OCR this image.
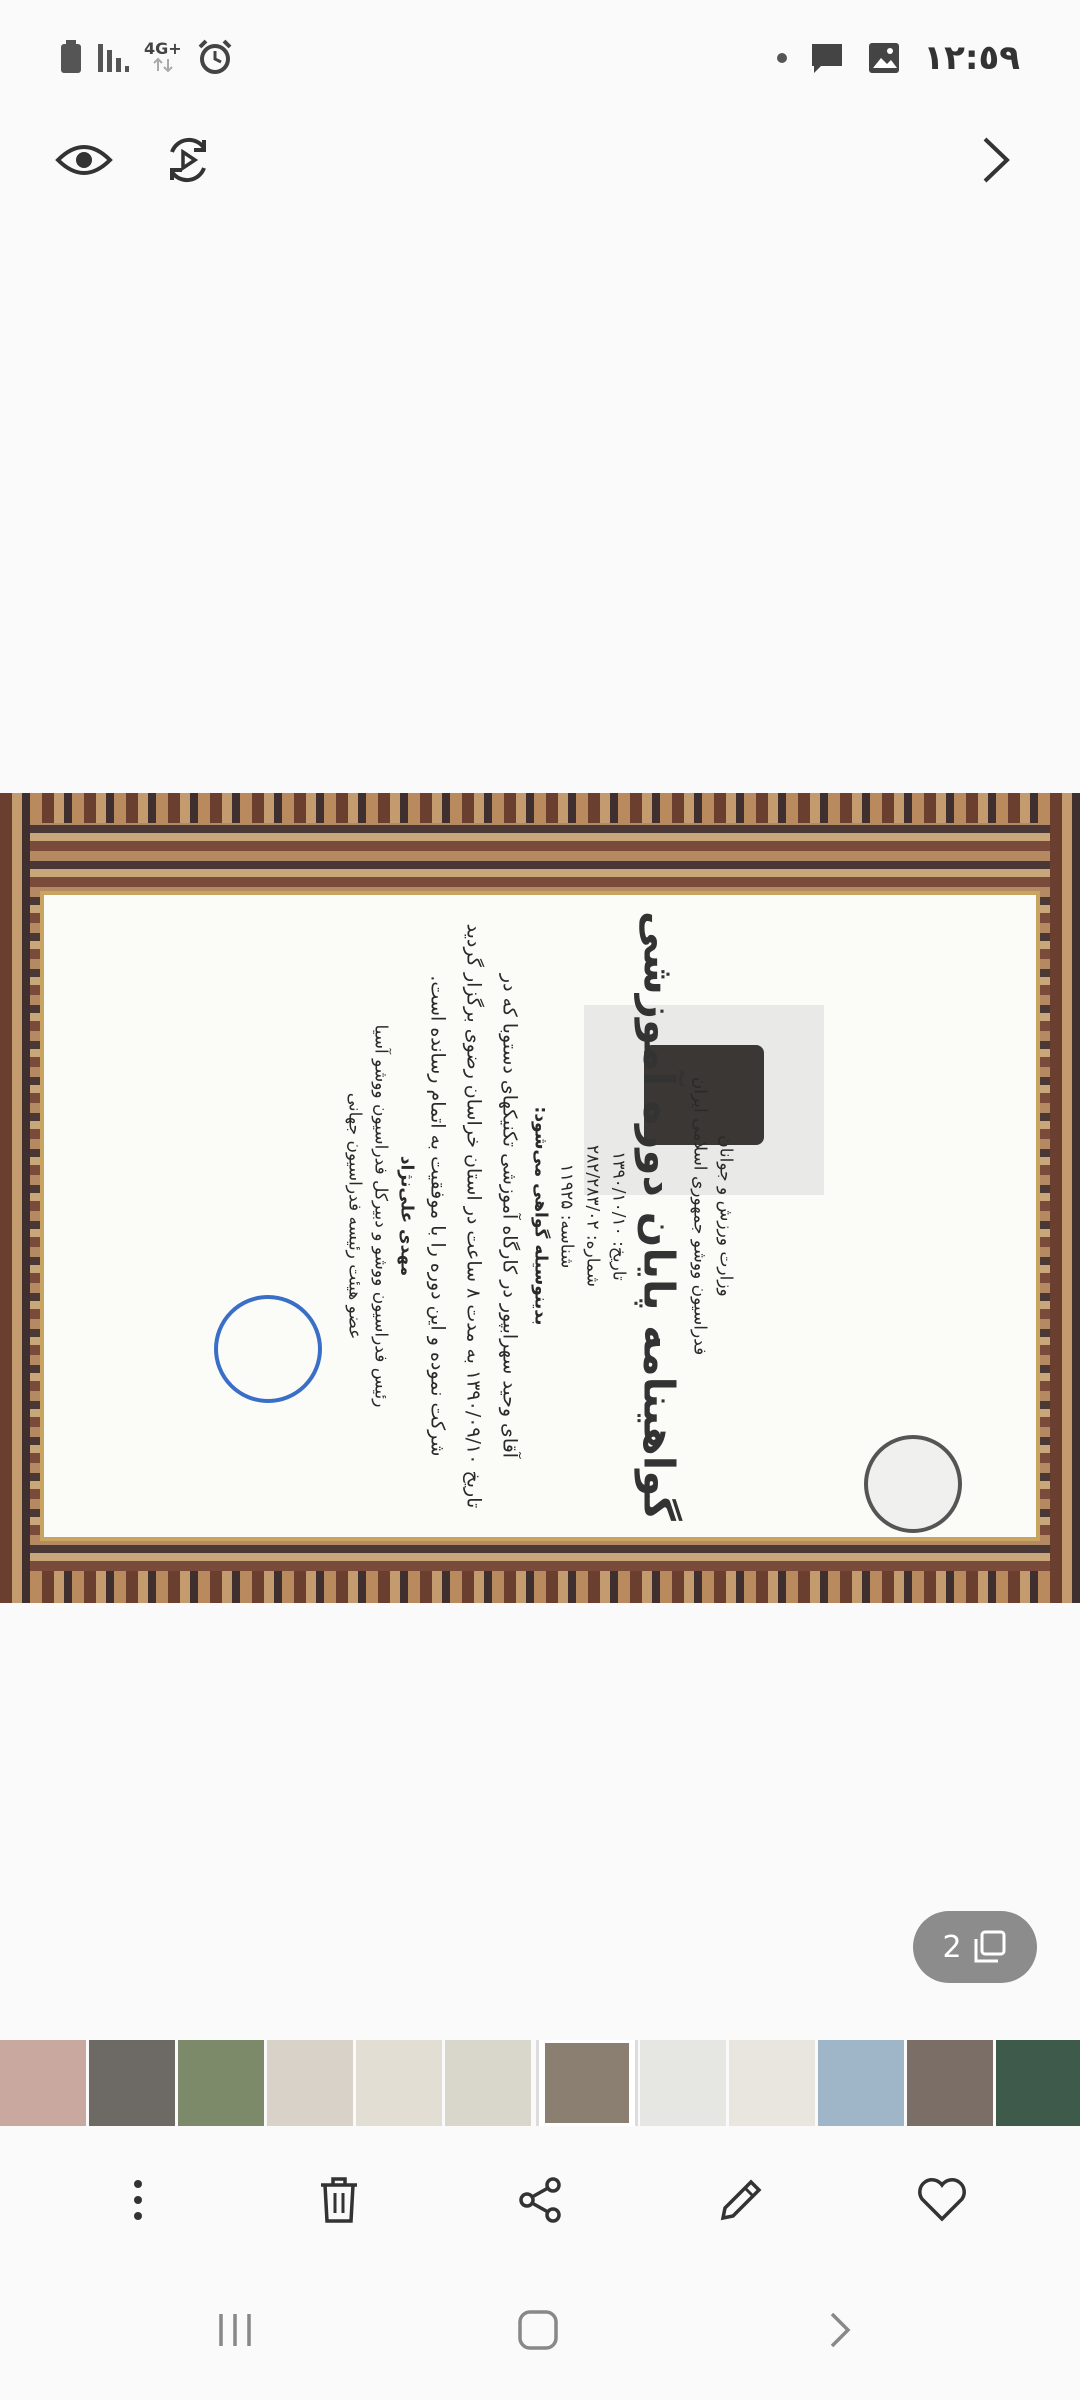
4G+	١٢:٥٩
وزارت ورزش و جوانان
فدراسیون ووشو جمهوری اسلامی ایران
گواهینامه پایان دوره آموزشی
تاریخ: ۱۳۹۰/۱۰/۱۰
شماره: ۲۸۲/۲۸۳/۰۲
شناسه: ۱۱۹۲۵
بدینوسیله گواهی می‌شود:
آقای وحید سهرابپور در کارگاه آموزشی تکنیکهای دستوبا که در
تاریخ ۱۳۹۰/۰۹/۱۰ به مدت ۸ ساعت در استان خراسان رضوی برگزار گردید
شرکت نموده و این دوره را با موفقیت به اتمام رسانده است.
مهدی علی‌نژاد
رئیس فدراسیون ووشو و دبیرکل فدراسیون ووشو آسیا
عضو هیئت رئیسه فدراسیون جهانی
2
